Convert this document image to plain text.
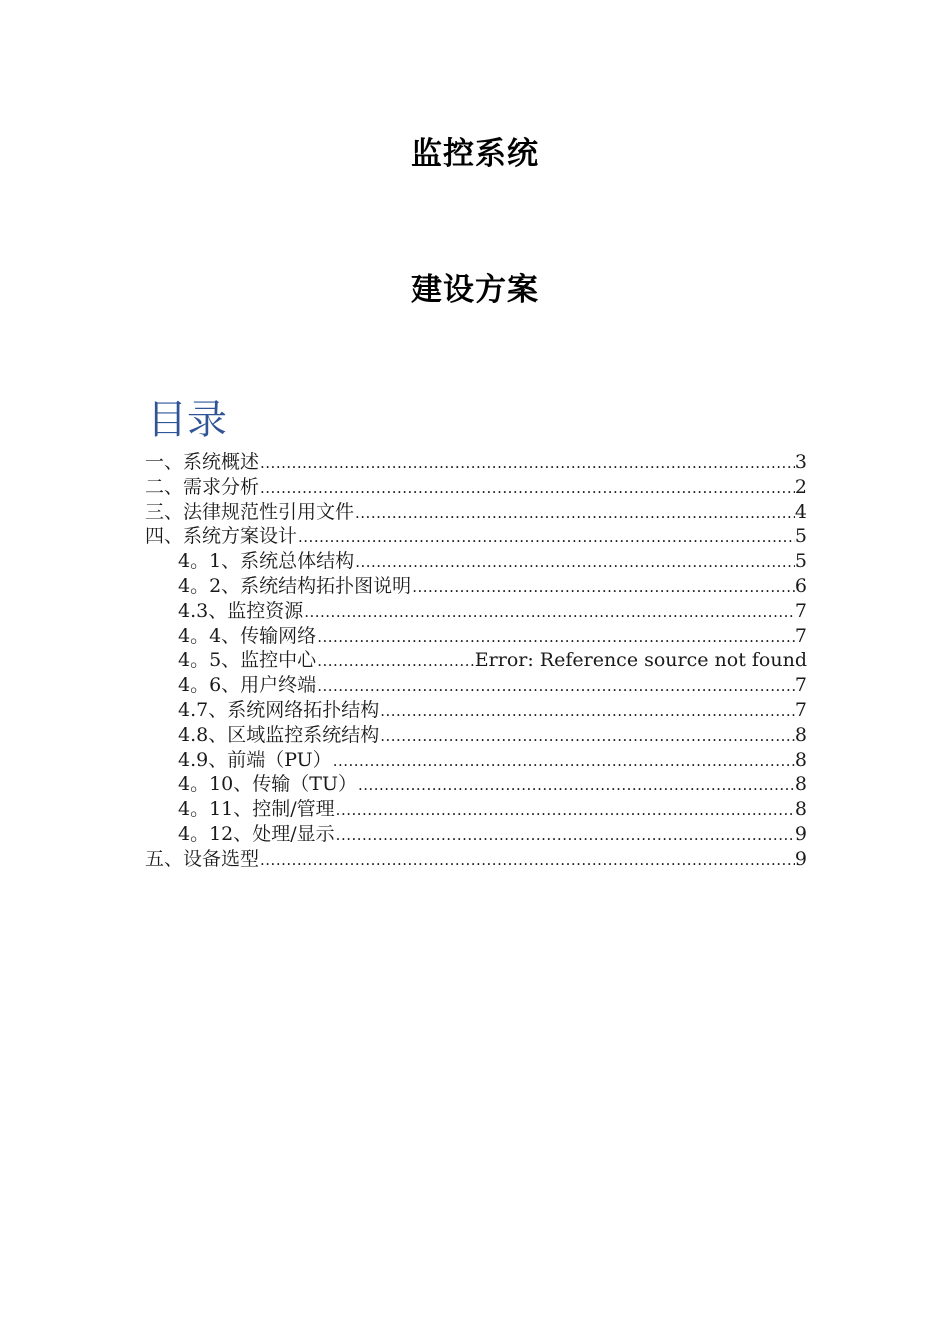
监控系统
建设方案
目录
一、系统概述 .....	3
二、需求分析 .....	2
三、法律规范性引用文件 .....	4
四、系统方案设计 .....	5
4。1、系统总体结构 .....	5
4。2、系统结构拓扑图说明 .....	6
4.3、监控资源 .....	7
4。4、传输网络 .....	7
4。5、监控中心 .....	Error: Reference source not found
4。6、用户终端 .....	7
4.7、系统网络拓扑结构 .....	7
4.8、区域监控系统结构 .....	8
4.9、前端（PU） .....	8
4。10、传输（TU） .....	8
4。11、控制/管理 .....	8
4。12、处理/显示 .....	9
五、设备选型 .....	9
